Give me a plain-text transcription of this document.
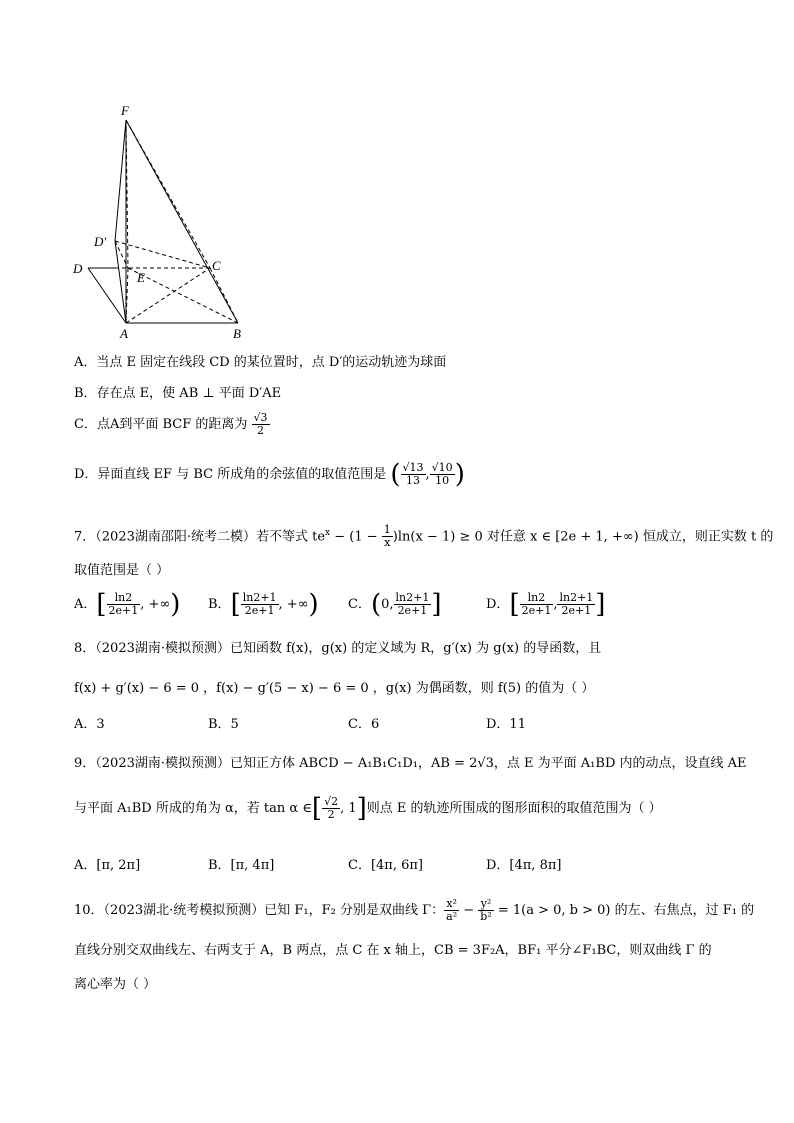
F
D'
D
E
C
A	B
A．当点 E 固定在线段 CD 的某位置时，点 D′的运动轨迹为球面
B．存在点 E，使 AB ⊥ 平面 D′AE
C．点A到平面 BCF 的距离为 $\frac{√3}{2}$
D．异面直线 EF 与 BC 所成角的余弦值的取值范围是 ( $\frac{√13}{13}$ , $\frac{√10}{10}$ )
7．（2023湖南邵阳·统考二模）若不等式 $te^x - (1 - \frac{1}{x} )\ln(x - 1) \ge 0$ 对任意 x ∈ [2e + 1, +∞) 恒成立，则正实数 t 的
取值范围是（ ）
A．[ $\frac{\ln 2}{2e+1}$ , +∞) B．[ $\frac{\ln 2+1}{2e+1}$ , +∞) C．(0, $\frac{\ln 2+1}{2e+1}$ ]	D．[ $\frac{\ln 2}{2e+1}$ , $\frac{\ln 2+1}{2e+1}$ ]
8．（2023湖南·模拟预测）已知函数 f(x)，g(x) 的定义域为 R，g′(x) 为 g(x) 的导函数，且
f(x) + g′(x) − 6 = 0 ，f(x) − g′(5 − x) − 6 = 0 ，g(x) 为偶函数，则 f(5) 的值为（ ）
A．3	B．5	C．6	D．11
9．（2023湖南·模拟预测）已知正方体 ABCD − A₁B₁C₁D₁，AB = 2√3，点 E 为平面 A₁BD 内的动点，设直线 AE
与平面 A₁BD 所成的角为 α，若 tan α ∈[ $\frac{√2}{2}$ , 1]则点 E 的轨迹所围成的图形面积的取值范围为（ ）
A．[π, 2π]	B．[π, 4π]	C．[4π, 6π]	D．[4π, 8π]
10．（2023湖北·统考模拟预测）已知 F₁，F₂ 分别是双曲线 Γ： $\frac{\text{x²}}{\text{a²}} - \frac{\text{y²}}{\text{b²}} = 1(a > 0$, b > 0) 的左、右焦点，过 F₁ 的
直线分别交双曲线左、右两支于 A，B 两点，点 C 在 x 轴上，CB = 3F₂A，BF₁ 平分∠F₁BC，则双曲线 Γ 的
离心率为（ ）
